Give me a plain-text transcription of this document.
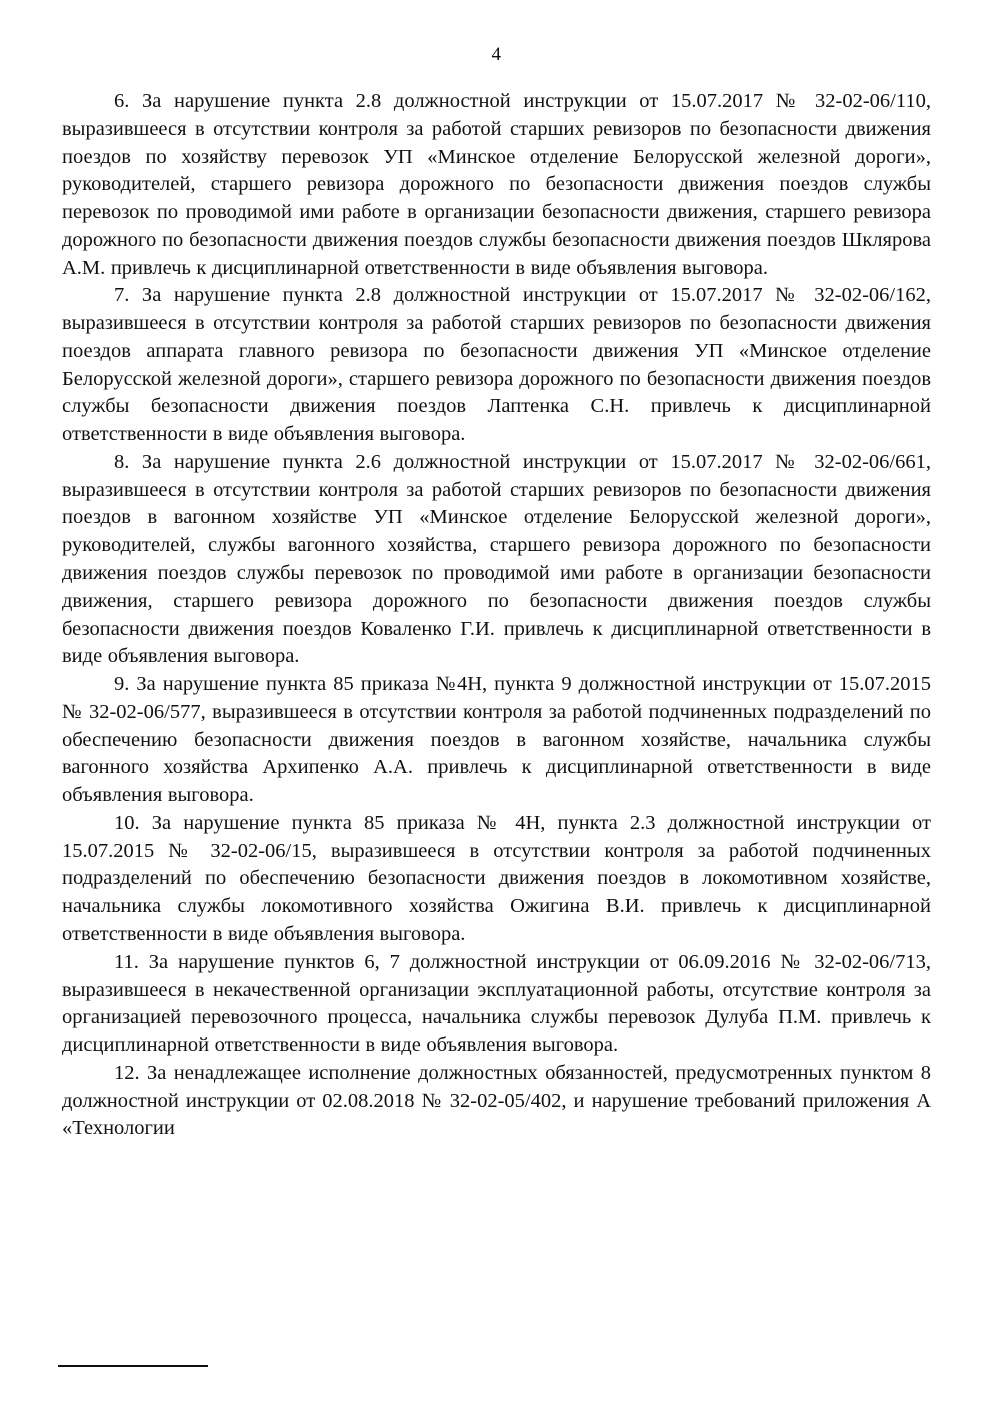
4

6. За нарушение пункта 2.8 должностной инструкции от 15.07.2017 № 32-02-06/110, выразившееся в отсутствии контроля за работой старших ревизоров по безопасности движения поездов по хозяйству перевозок УП «Минское отделение Белорусской железной дороги», руководителей, старшего ревизора дорожного по безопасности движения поездов службы перевозок по проводимой ими работе в организации безопасности движения, старшего ревизора дорожного по безопасности движения поездов службы безопасности движения поездов Шклярова А.М. привлечь к дисциплинарной ответственности в виде объявления выговора.

7. За нарушение пункта 2.8 должностной инструкции от 15.07.2017 № 32-02-06/162, выразившееся в отсутствии контроля за работой старших ревизоров по безопасности движения поездов аппарата главного ревизора по безопасности движения УП «Минское отделение Белорусской железной дороги», старшего ревизора дорожного по безопасности движения поездов службы безопасности движения поездов Лаптенка С.Н. привлечь к дисциплинарной ответственности в виде объявления выговора.

8. За нарушение пункта 2.6 должностной инструкции от 15.07.2017 № 32-02-06/661, выразившееся в отсутствии контроля за работой старших ревизоров по безопасности движения поездов в вагонном хозяйстве УП «Минское отделение Белорусской железной дороги», руководителей, службы вагонного хозяйства, старшего ревизора дорожного по безопасности движения поездов службы перевозок по проводимой ими работе в организации безопасности движения, старшего ревизора дорожного по безопасности движения поездов службы безопасности движения поездов Коваленко Г.И. привлечь к дисциплинарной ответственности в виде объявления выговора.

9. За нарушение пункта 85 приказа №4Н, пункта 9 должностной инструкции от 15.07.2015 № 32-02-06/577, выразившееся в отсутствии контроля за работой подчиненных подразделений по обеспечению безопасности движения поездов в вагонном хозяйстве, начальника службы вагонного хозяйства Архипенко А.А. привлечь к дисциплинарной ответственности в виде объявления выговора.

10. За нарушение пункта 85 приказа № 4Н, пункта 2.3 должностной инструкции от 15.07.2015 № 32-02-06/15, выразившееся в отсутствии контроля за работой подчиненных подразделений по обеспечению безопасности движения поездов в локомотивном хозяйстве, начальника службы локомотивного хозяйства Ожигина В.И. привлечь к дисциплинарной ответственности в виде объявления выговора.

11. За нарушение пунктов 6, 7 должностной инструкции от 06.09.2016 № 32-02-06/713, выразившееся в некачественной организации эксплуатационной работы, отсутствие контроля за организацией перевозочного процесса, начальника службы перевозок Дулуба П.М. привлечь к дисциплинарной ответственности в виде объявления выговора.

12. За ненадлежащее исполнение должностных обязанностей, предусмотренных пунктом 8 должностной инструкции от 02.08.2018 № 32-02-05/402, и нарушение требований приложения А «Технологии
